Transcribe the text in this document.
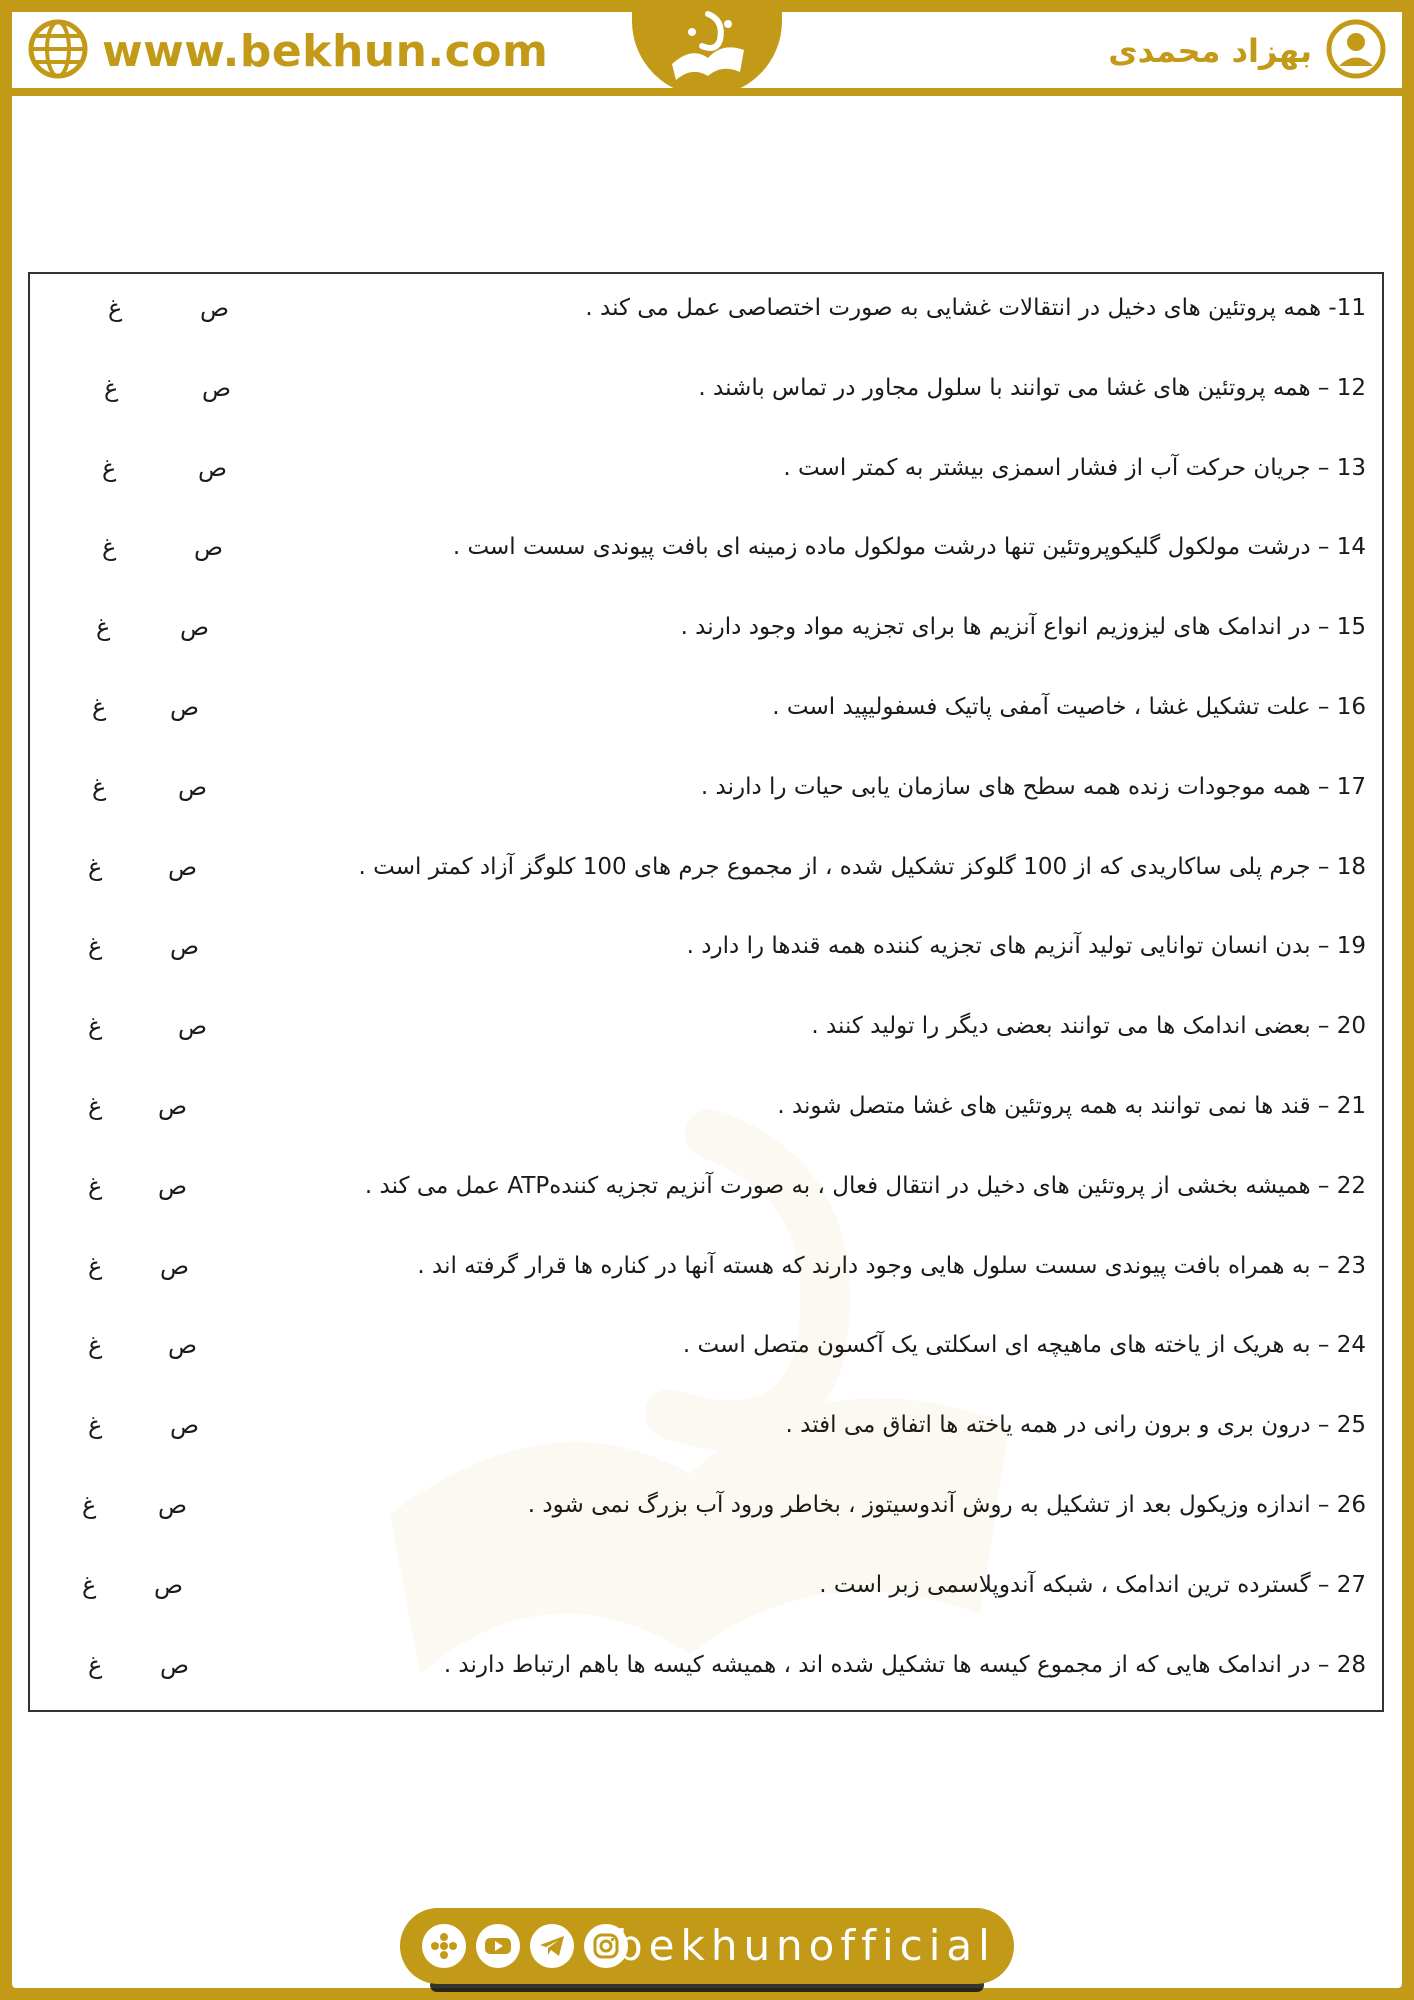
www.bekhun.com	بهزاد محمدی
11- همه پروتئین های دخیل در انتقالات غشایی به صورت اختصاصی عمل می کند .
ص
غ
12 – همه پروتئین های غشا می توانند با سلول مجاور در تماس باشند .
ص
غ
13 – جریان حرکت آب از فشار اسمزی بیشتر به کمتر است .
ص
غ
14 – درشت مولکول گلیکوپروتئین تنها درشت مولکول ماده زمینه ای بافت پیوندی سست است .
ص
غ
15 – در اندامک های لیزوزیم انواع آنزیم ها برای تجزیه مواد وجود دارند .
ص
غ
16 – علت تشکیل غشا ، خاصیت آمفی پاتیک فسفولیپید است .
ص
غ
17 – همه موجودات زنده همه سطح های سازمان یابی حیات را دارند .
ص
غ
18 – جرم پلی ساکاریدی که از 100 گلوکز تشکیل شده ، از مجموع جرم های 100 کلوگز آزاد کمتر است .
ص
غ
19 – بدن انسان توانایی تولید آنزیم های تجزیه کننده همه قندها را دارد .
ص
غ
20 – بعضی اندامک ها می توانند بعضی دیگر را تولید کنند .
ص
غ
21 – قند ها نمی توانند به همه پروتئین های غشا متصل شوند .
ص
غ
22 – همیشه بخشی از پروتئین های دخیل در انتقال فعال ، به صورت آنزیم تجزیه کنندهATP عمل می کند .
ص
غ
23 – به همراه بافت پیوندی سست سلول هایی وجود دارند که هسته آنها در کناره ها قرار گرفته اند .
ص
غ
24 – به هریک از یاخته های ماهیچه ای اسکلتی یک آکسون متصل است .
ص
غ
25 – درون بری و برون رانی در همه یاخته ها اتفاق می افتد .
ص
غ
26 – اندازه وزیکول بعد از تشکیل به روش آندوسیتوز ، بخاطر ورود آب بزرگ نمی شود .
ص
غ
27 – گسترده ترین اندامک ، شبکه آندوپلاسمی زبر است .
ص
غ
28 – در اندامک هایی که از مجموع کیسه ها تشکیل شده اند ، همیشه کیسه ها باهم ارتباط دارند .
ص
غ
bekhunofficial
